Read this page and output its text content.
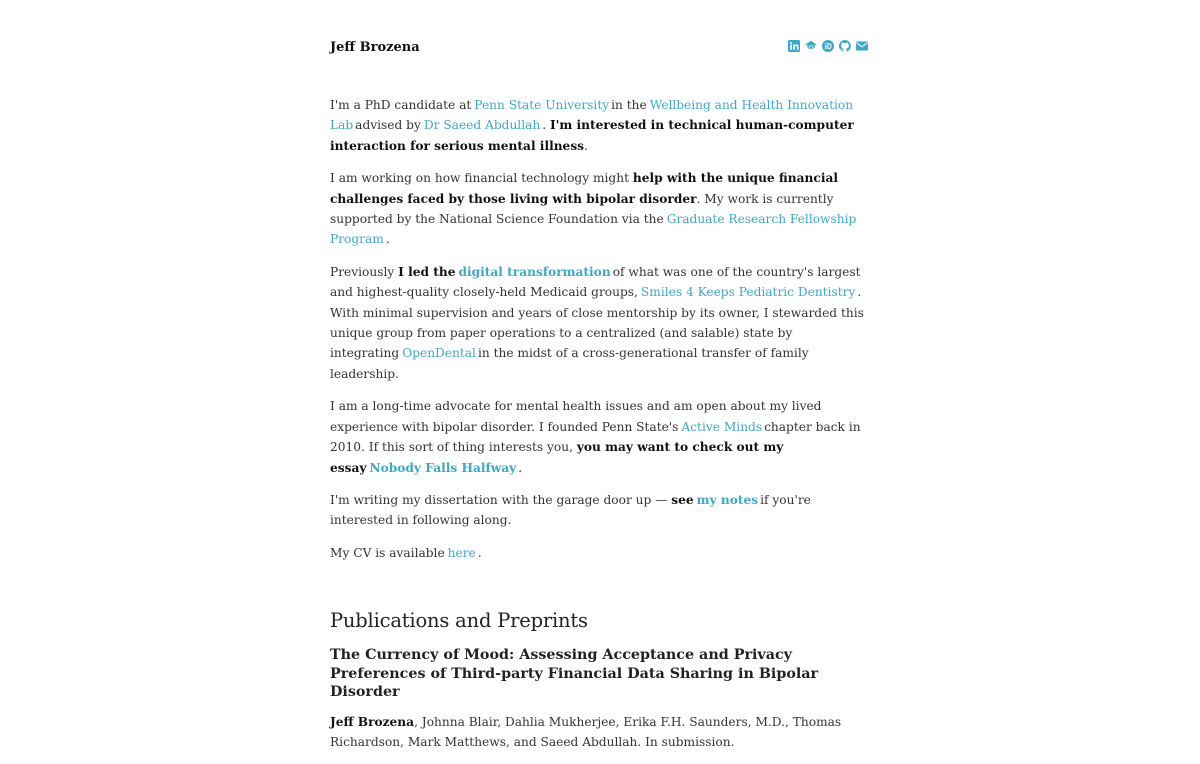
Jeff Brozena

I'm a PhD candidate at Penn State University in the Wellbeing and Health Innovation Lab advised by Dr Saeed Abdullah . I'm interested in technical human-computer interaction for serious mental illness.

I am working on how financial technology might help with the unique financial challenges faced by those living with bipolar disorder. My work is currently supported by the National Science Foundation via the Graduate Research Fellowship Program .

Previously I led the digital transformation of what was one of the country's largest and highest-quality closely-held Medicaid groups, Smiles 4 Keeps Pediatric Dentistry . With minimal supervision and years of close mentorship by its owner, I stewarded this unique group from paper operations to a centralized (and salable) state by integrating OpenDental in the midst of a cross-generational transfer of family leadership.

I am a long-time advocate for mental health issues and am open about my lived experience with bipolar disorder. I founded Penn State's Active Minds chapter back in 2010. If this sort of thing interests you, you may want to check out my essay Nobody Falls Halfway .

I'm writing my dissertation with the garage door up — see my notes if you're interested in following along.

My CV is available here .

Publications and Preprints
The Currency of Mood: Assessing Acceptance and Privacy Preferences of Third-party Financial Data Sharing in Bipolar Disorder

Jeff Brozena, Johnna Blair, Dahlia Mukherjee, Erika F.H. Saunders, M.D., Thomas Richardson, Mark Matthews, and Saeed Abdullah. In submission.
